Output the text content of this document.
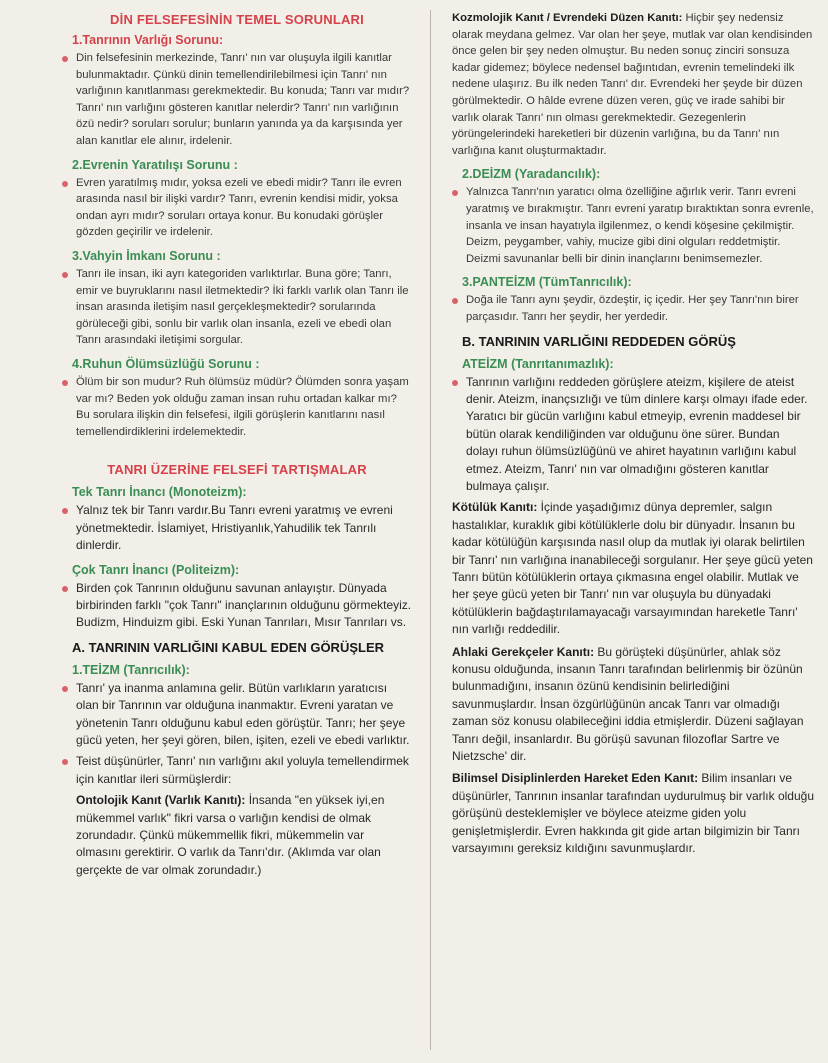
DİN FELSEFESİNİN TEMEL SORUNLARI
1.Tanrının Varlığı Sorunu:
Din felsefesinin merkezinde, Tanrı' nın var oluşuyla ilgili kanıtlar bulunmaktadır. Çünkü dinin temellendirilebilmesi için Tanrı' nın varlığının kanıtlanması gerekmektedir. Bu konuda; Tanrı var mıdır? Tanrı' nın varlığını gösteren kanıtlar nelerdir? Tanrı' nın varlığının özü nedir? soruları sorulur; bunların yanında ya da karşısında yer alan kanıtlar ele alınır, irdelenir.
2.Evrenin Yaratılışı Sorunu :
Evren yaratılmış mıdır, yoksa ezeli ve ebedi midir? Tanrı ile evren arasında nasıl bir ilişki vardır? Tanrı, evrenin kendisi midir, yoksa ondan ayrı mıdır? soruları ortaya konur. Bu konudaki görüşler gözden geçirilir ve irdelenir.
3.Vahyin İmkanı Sorunu :
Tanrı ile insan, iki ayrı kategoriden varlıktırlar. Buna göre; Tanrı, emir ve buyruklarını nasıl iletmektedir? İki farklı varlık olan Tanrı ile insan arasında iletişim nasıl gerçekleşmektedir? sorularında görüleceği gibi, sonlu bir varlık olan insanla, ezeli ve ebedi olan Tanrı arasındaki iletişimi sorgular.
4.Ruhun Ölümsüzlüğü Sorunu :
Ölüm bir son mudur? Ruh ölümsüz müdür? Ölümden sonra yaşam var mı? Beden yok olduğu zaman insan ruhu ortadan kalkar mı? Bu sorulara ilişkin din felsefesi, ilgili görüşlerin kanıtlarını nasıl temellendirdiklerini irdelemektedir.
TANRI ÜZERİNE FELSEFİ TARTIŞMALAR
Tek Tanrı İnancı (Monoteizm):
Yalnız tek bir Tanrı vardır.Bu Tanrı evreni yaratmış ve evreni yönetmektedir. İslamiyet, Hristiyanlık,Yahudilik tek Tanrılı dinlerdir.
Çok Tanrı İnancı (Politeizm):
Birden çok Tanrının olduğunu savunan anlayıştır. Dünyada birbirinden farklı "çok Tanrı" inançlarının olduğunu görmekteyiz. Budizm, Hinduizm gibi. Eski Yunan Tanrıları, Mısır Tanrıları vs.
A. TANRININ VARLIĞINI KABUL EDEN GÖRÜŞLER
1.TEİZM (Tanrıcılık):
Tanrı' ya inanma anlamına gelir. Bütün varlıkların yaratıcısı olan bir Tanrının var olduğuna inanmaktır. Evreni yaratan ve yönetenin Tanrı olduğunu kabul eden görüştür. Tanrı; her şeye gücü yeten, her şeyi gören, bilen, işiten, ezeli ve ebedi varlıktır.
Teist düşünürler, Tanrı' nın varlığını akıl yoluyla temellendirmek için kanıtlar ileri sürmüşlerdir:
Ontolojik Kanıt (Varlık Kanıtı): İnsanda "en yüksek iyi,en mükemmel varlık" fikri varsa o varlığın kendisi de olmak zorundadır. Çünkü mükemmellik fikri, mükemmelin var olmasını gerektirir. O varlık da Tanrı'dır. (Aklımda var olan gerçekte de var olmak zorundadır.)
Kozmolojik Kanıt / Evrendeki Düzen Kanıtı: Hiçbir şey nedensiz olarak meydana gelmez. Var olan her şeye, mutlak var olan kendisinden önce gelen bir şey neden olmuştur. Bu neden sonuç zinciri sonsuza kadar gidemez; böylece nedensel bağıntıdan, evrenin temelindeki ilk nedene ulaşırız. Bu ilk neden Tanrı' dır. Evrendeki her şeyde bir düzen görülmektedir. O hâlde evrene düzen veren, güç ve irade sahibi bir varlık olarak Tanrı' nın olması gerekmektedir. Gezegenlerin yörüngelerindeki hareketleri bir düzenin varlığına, bu da Tanrı' nın varlığına kanıt oluşturmaktadır.
2.DEİZM (Yaradancılık):
Yalnızca Tanrı'nın yaratıcı olma özelliğine ağırlık verir. Tanrı evreni yaratmış ve bırakmıştır. Tanrı evreni yaratıp bıraktıktan sonra evrenle, insanla ve insan hayatıyla ilgilenmez, o kendi köşesine çekilmiştir. Deizm, peygamber, vahiy, mucize gibi dini olguları reddetmiştir. Deizmi savunanlar belli bir dinin inançlarını benimsemezler.
3.PANTEİZM (TümTanrıcılık):
Doğa ile Tanrı aynı şeydir, özdeştir, iç içedir. Her şey Tanrı'nın birer parçasıdır. Tanrı her şeydir, her yerdedir.
B. TANRININ VARLIĞINI REDDEDEN GÖRÜŞ
ATEİZM (Tanrıtanımazlık):
Tanrının varlığını reddeden görüşlere ateizm, kişilere de ateist denir. Ateizm, inançsızlığı ve tüm dinlere karşı olmayı ifade eder. Yaratıcı bir gücün varlığını kabul etmeyip, evrenin maddesel bir bütün olarak kendiliğinden var olduğunu öne sürer. Bundan dolayı ruhun ölümsüzlüğünü ve ahiret hayatının varlığını kabul etmez. Ateizm, Tanrı' nın var olmadığını gösteren kanıtlar bulmaya çalışır.
Kötülük Kanıtı: İçinde yaşadığımız dünya depremler, salgın hastalıklar, kuraklık gibi kötülüklerle dolu bir dünyadır. İnsanın bu kadar kötülüğün karşısında nasıl olup da mutlak iyi olarak belirtilen bir Tanrı' nın varlığına inanabileceği sorgulanır. Her şeye gücü yeten Tanrı bütün kötülüklerin ortaya çıkmasına engel olabilir. Mutlak ve her şeye gücü yeten bir Tanrı' nın var oluşuyla bu dünyadaki kötülüklerin bağdaştırılamayacağı varsayımından hareketle Tanrı' nın varlığı reddedilir.
Ahlaki Gerekçeler Kanıtı: Bu görüşteki düşünürler, ahlak söz konusu olduğunda, insanın Tanrı tarafından belirlenmiş bir özünün bulunmadığını, insanın özünü kendisinin belirlediğini savunmuşlardır. İnsan özgürlüğünün ancak Tanrı var olmadığı zaman söz konusu olabileceğini iddia etmişlerdir. Düzeni sağlayan Tanrı değil, insanlardır. Bu görüşü savunan filozoflar Sartre ve Nietzsche' dir.
Bilimsel Disiplinlerden Hareket Eden Kanıt: Bilim insanları ve düşünürler, Tanrının insanlar tarafından uydurulmuş bir varlık olduğu görüşünü desteklemişler ve böylece ateizme giden yolu genişletmişlerdir. Evren hakkında git gide artan bilgimizin bir Tanrı varsayımını gereksiz kıldığını savunmuşlardır.
